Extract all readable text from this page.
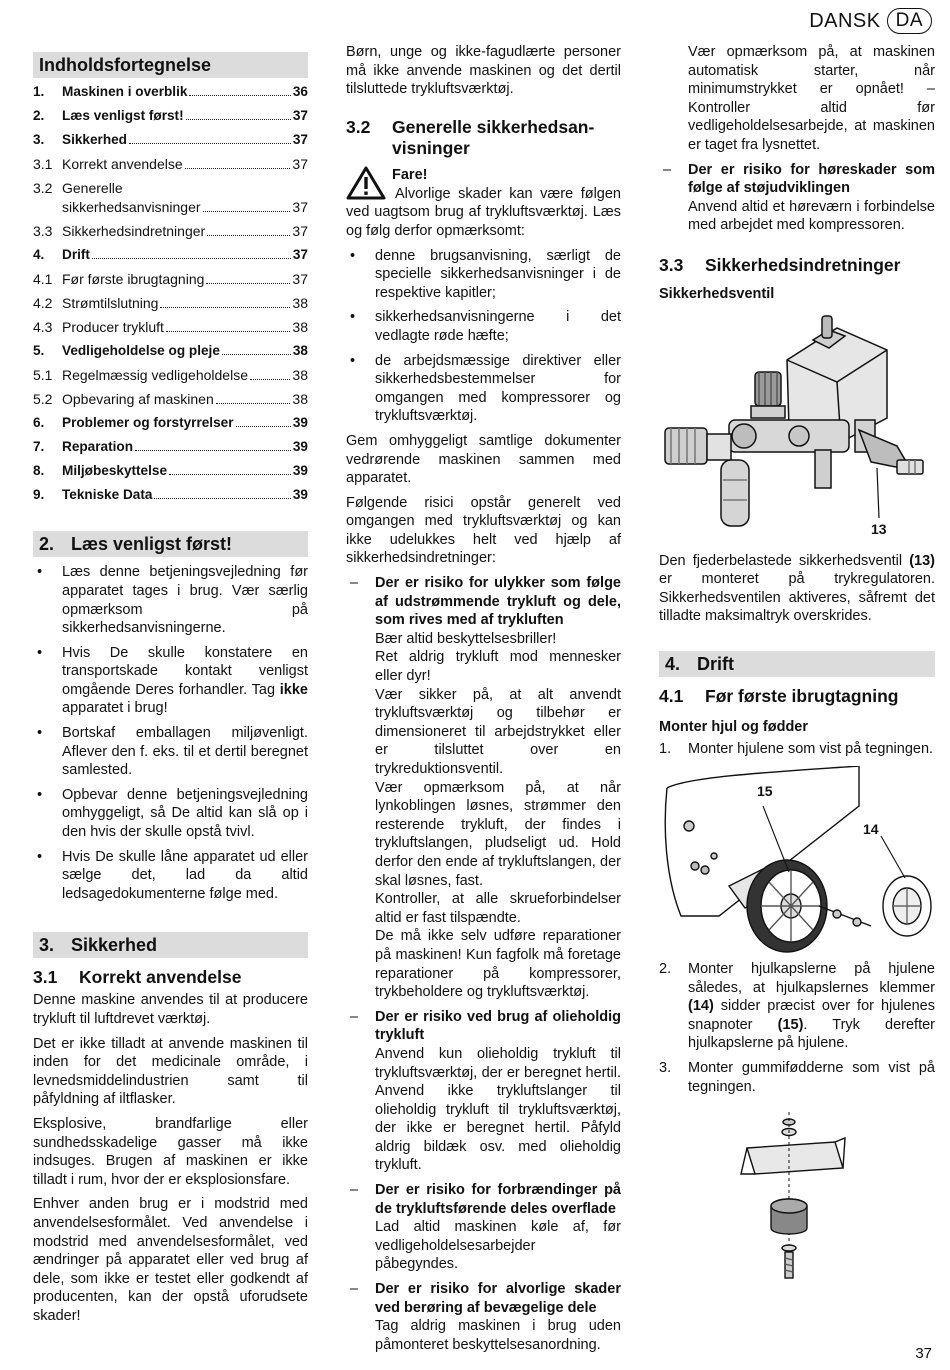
DANSK DA
Indholdsfortegnelse
1.	Maskinen i overblik	36
2.	Læs venligst først!	37
3.	Sikkerhed	37
3.1 Korrekt anvendelse	37
3.2 Generelle
sikkerhedsanvisninger	37
3.3 Sikkerhedsindretninger	37
4.	Drift	37
4.1 Før første ibrugtagning	37
4.2 Strømtilslutning	38
4.3 Producer trykluft	38
5.	Vedligeholdelse og pleje	38
5.1 Regelmæssig vedligeholdelse	38
5.2 Opbevaring af maskinen	38
6.	Problemer og forstyrrelser	39
7.	Reparation	39
8.	Miljøbeskyttelse	39
9.	Tekniske Data	39
2. Læs venligst først!
• Læs denne betjeningsvejledning før apparatet tages i brug. Vær særlig opmærksom på sikkerhedsanvisningerne.
• Hvis De skulle konstatere en transportskade kontakt venligst omgående Deres forhandler. Tag ikke apparatet i brug!
• Bortskaf emballagen miljøvenligt. Aflever den f. eks. til et dertil beregnet samlested.
• Opbevar denne betjeningsvejledning omhyggeligt, så De altid kan slå op i den hvis der skulle opstå tvivl.
• Hvis De skulle låne apparatet ud eller sælge det, lad da altid ledsagedokumenterne følge med.
3. Sikkerhed
3.1	Korrekt anvendelse

Denne maskine anvendes til at producere trykluft til luftdrevet værktøj.

Det er ikke tilladt at anvende maskinen til inden for det medicinale område, i levnedsmiddelindustrien samt til påfyldning af iltflasker.

Eksplosive, brandfarlige eller sundhedsskadelige gasser må ikke indsuges. Brugen af maskinen er ikke tilladt i rum, hvor der er eksplosionsfare.

Enhver anden brug er i modstrid med anvendelsesformålet. Ved anvendelse i modstrid med anvendelsesformålet, ved ændringer på apparatet eller ved brug af dele, som ikke er testet eller godkendt af producenten, kan der opstå uforudsete skader!

Børn, unge og ikke-fagudlærte personer må ikke anvende maskinen og det dertil tilsluttede trykluftsværktøj.

3.2	Generelle sikkerhedsan-
visninger
Fare!

Alvorlige skader kan være følgen ved uagtsom brug af trykluftsværktøj. Læs og følg derfor opmærksomt:

• denne brugsanvisning, særligt de specielle sikkerhedsanvisninger i de respektive kapitler;
• sikkerhedsanvisningerne i det vedlagte røde hæfte;
• de arbejdsmæssige direktiver eller sikkerhedsbestemmelser for omgangen med kompressorer og trykluftsværktøj.

Gem omhyggeligt samtlige dokumenter vedrørende maskinen sammen med apparatet.

Følgende risici opstår generelt ved omgangen med trykluftsværktøj og kan ikke udelukkes helt ved hjælp af sikkerhedsindretninger:

– Der er risiko for ulykker som følge af udstrømmende trykluft og dele, som rives med af trykluften
Bær altid beskyttelsesbriller!
Ret aldrig trykluft mod mennesker eller dyr!
Vær sikker på, at alt anvendt trykluftsværktøj og tilbehør er dimensioneret til arbejdstrykket eller er tilsluttet over en trykreduktionsventil.
Vær opmærksom på, at når lynkoblingen løsnes, strømmer den resterende trykluft, der findes i trykluftslangen, pludseligt ud. Hold derfor den ende af trykluftslangen, der skal løsnes, fast.
Kontroller, at alle skrueforbindelser altid er fast tilspændte.
De må ikke selv udføre reparationer på maskinen! Kun fagfolk må foretage reparationer på kompressorer, trykbeholdere og trykluftsværktøj.
– Der er risiko ved brug af olieholdig trykluft
Anvend kun olieholdig trykluft til trykluftsværktøj, der er beregnet hertil. Anvend ikke trykluftslanger til olieholdig trykluft til trykluftsværktøj, der ikke er beregnet hertil. Påfyld aldrig bildæk osv. med olieholdig trykluft.
– Der er risiko for forbrændinger på de trykluftsførende deles overflade
Lad altid maskinen køle af, før vedligeholdelsesarbejder påbegyndes.
– Der er risiko for alvorlige skader ved berøring af bevægelige dele
Tag aldrig maskinen i brug uden påmonteret beskyttelsesanordning.

Vær opmærksom på, at maskinen automatisk starter, når minimumstrykket er opnået! – Kontroller altid før vedligeholdelsesarbejde, at maskinen er taget fra lysnettet.

– Der er risiko for høreskader som følge af støjudviklingen
Anvend altid et høreværn i forbindelse med arbejdet med kompressoren.
3.3	Sikkerhedsindretninger
Sikkerhedsventil
13

Den fjederbelastede sikkerhedsventil (13) er monteret på trykregulatoren. Sikkerhedsventilen aktiveres, såfremt det tilladte maksimaltryk overskrides.

4. Drift
4.1	Før første ibrugtagning
Monter hjul og fødder
1. Monter hjulene som vist på tegningen.
15
14
2. Monter hjulkapslerne på hjulene således, at hjulkapslernes klemmer (14) sidder præcist over for hjulenes snapnoter (15). Tryk derefter hjulkapslerne på hjulene.
3. Monter gummifødderne som vist på tegningen.
37
